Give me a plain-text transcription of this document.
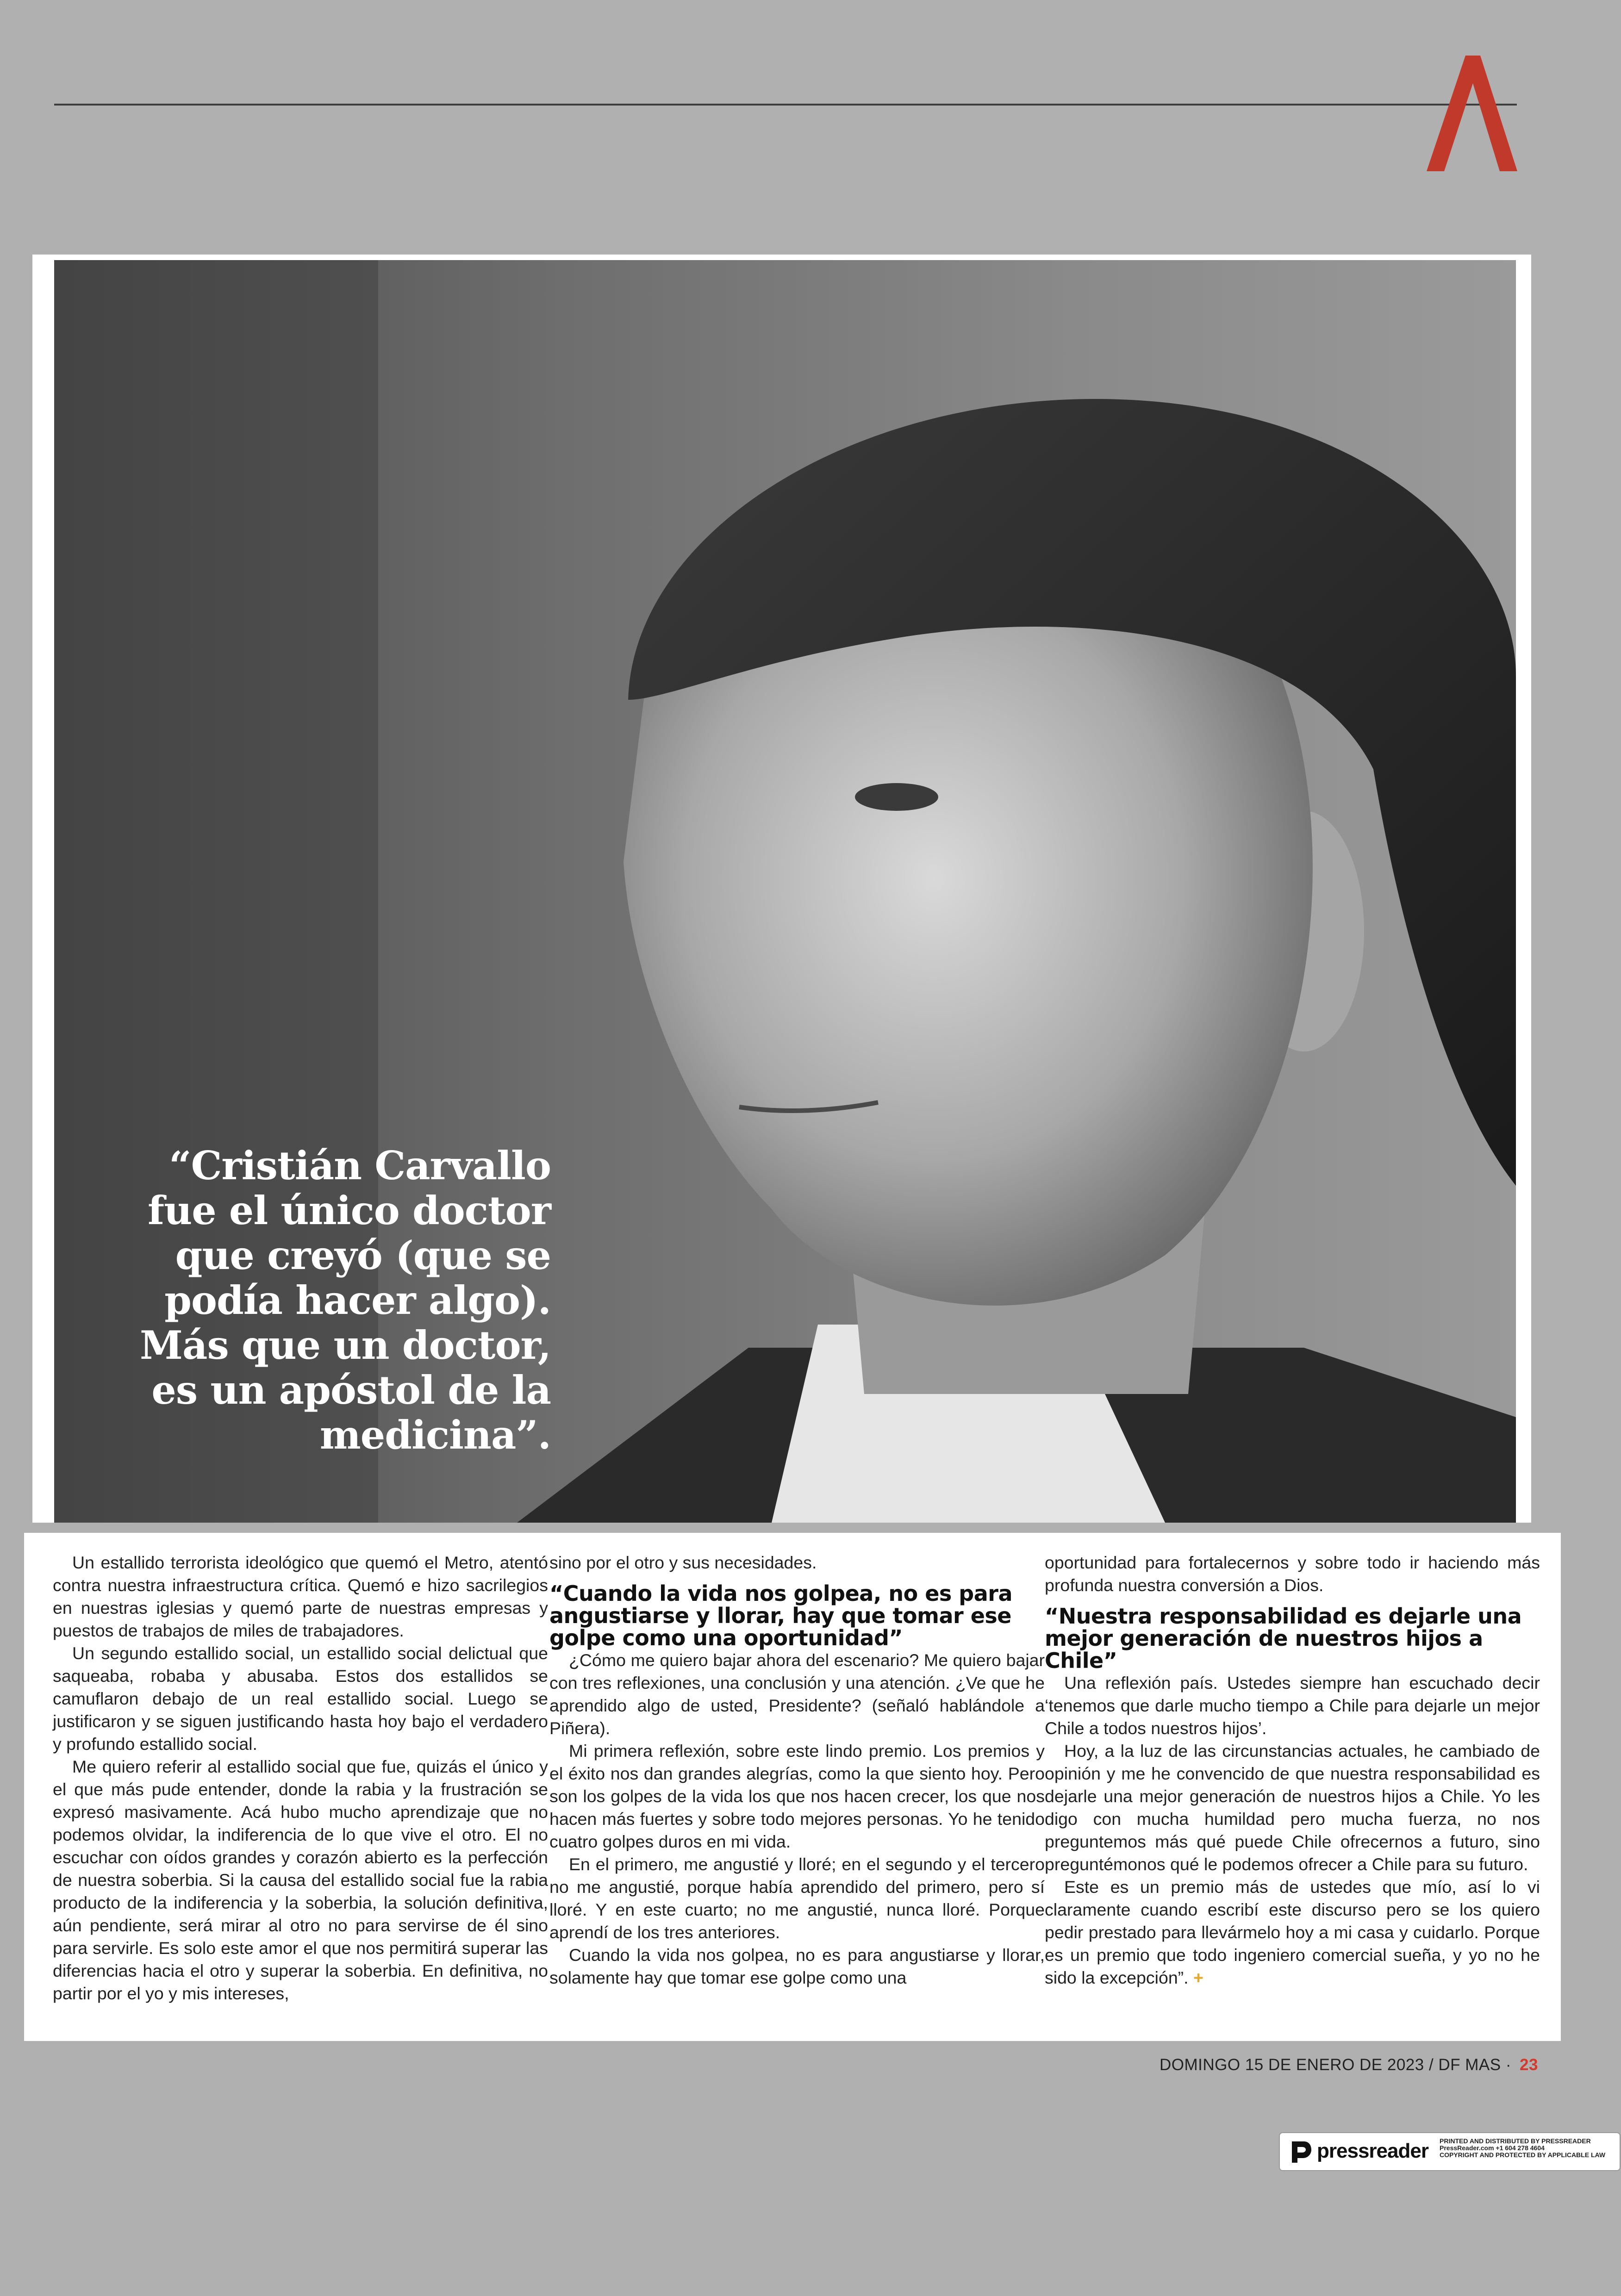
“Cristián Carvallo
fue el único doctor
que creyó (que se
podía hacer algo).
Más que un doctor,
es un apóstol de la
medicina”.

Un estallido terrorista ideológico que quemó el Metro, atentó contra nuestra infraestructura crítica. Quemó e hizo sacrilegios en nuestras iglesias y quemó parte de nuestras empresas y puestos de trabajos de miles de trabajadores.

Un segundo estallido social, un estallido social delictual que saqueaba, robaba y abusaba. Estos dos estallidos se camuflaron debajo de un real estallido social. Luego se justificaron y se siguen justificando hasta hoy bajo el verdadero y profundo estallido social.

Me quiero referir al estallido social que fue, quizás el único y el que más pude entender, donde la rabia y la frustración se expresó masivamente. Acá hubo mucho aprendizaje que no podemos olvidar, la indiferencia de lo que vive el otro. El no escuchar con oídos grandes y corazón abierto es la perfección de nuestra soberbia. Si la causa del estallido social fue la rabia producto de la indiferencia y la soberbia, la solución definitiva, aún pendiente, será mirar al otro no para servirse de él sino para servirle. Es solo este amor el que nos permitirá superar las diferencias hacia el otro y superar la soberbia. En definitiva, no partir por el yo y mis intereses,

sino por el otro y sus necesidades.

“Cuando la vida nos golpea, no es para angustiarse y llorar, hay que tomar ese golpe como una oportunidad”

¿Cómo me quiero bajar ahora del escenario? Me quiero bajar con tres reflexiones, una conclusión y una atención. ¿Ve que he aprendido algo de usted, Presidente? (señaló hablándole a Piñera).

Mi primera reflexión, sobre este lindo premio. Los premios y el éxito nos dan grandes alegrías, como la que siento hoy. Pero son los golpes de la vida los que nos hacen crecer, los que nos hacen más fuertes y sobre todo mejores personas. Yo he tenido cuatro golpes duros en mi vida.

En el primero, me angustié y lloré; en el segundo y el tercero no me angustié, porque había aprendido del primero, pero sí lloré. Y en este cuarto; no me angustié, nunca lloré. Porque aprendí de los tres anteriores.

Cuando la vida nos golpea, no es para angustiarse y llorar, solamente hay que tomar ese golpe como una

oportunidad para fortalecernos y sobre todo ir haciendo más profunda nuestra conversión a Dios.

“Nuestra responsabilidad es dejarle una mejor generación de nuestros hijos a Chile”

Una reflexión país. Ustedes siempre han escuchado decir ‘tenemos que darle mucho tiempo a Chile para dejarle un mejor Chile a todos nuestros hijos’.

Hoy, a la luz de las circunstancias actuales, he cambiado de opinión y me he convencido de que nuestra responsabilidad es dejarle una mejor generación de nuestros hijos a Chile. Yo les digo con mucha humildad pero mucha fuerza, no nos preguntemos más qué puede Chile ofrecernos a futuro, sino preguntémonos qué le podemos ofrecer a Chile para su futuro.

Este es un premio más de ustedes que mío, así lo vi claramente cuando escribí este discurso pero se los quiero pedir prestado para llevármelo hoy a mi casa y cuidarlo. Porque es un premio que todo ingeniero comercial sueña, y yo no he sido la excepción”. +

DOMINGO 15 DE ENERO DE 2023 / DF MAS · 23
pressreader PRINTED AND DISTRIBUTED BY PRESSREADER
PressReader.com +1 604 278 4604
COPYRIGHT AND PROTECTED BY APPLICABLE LAW
